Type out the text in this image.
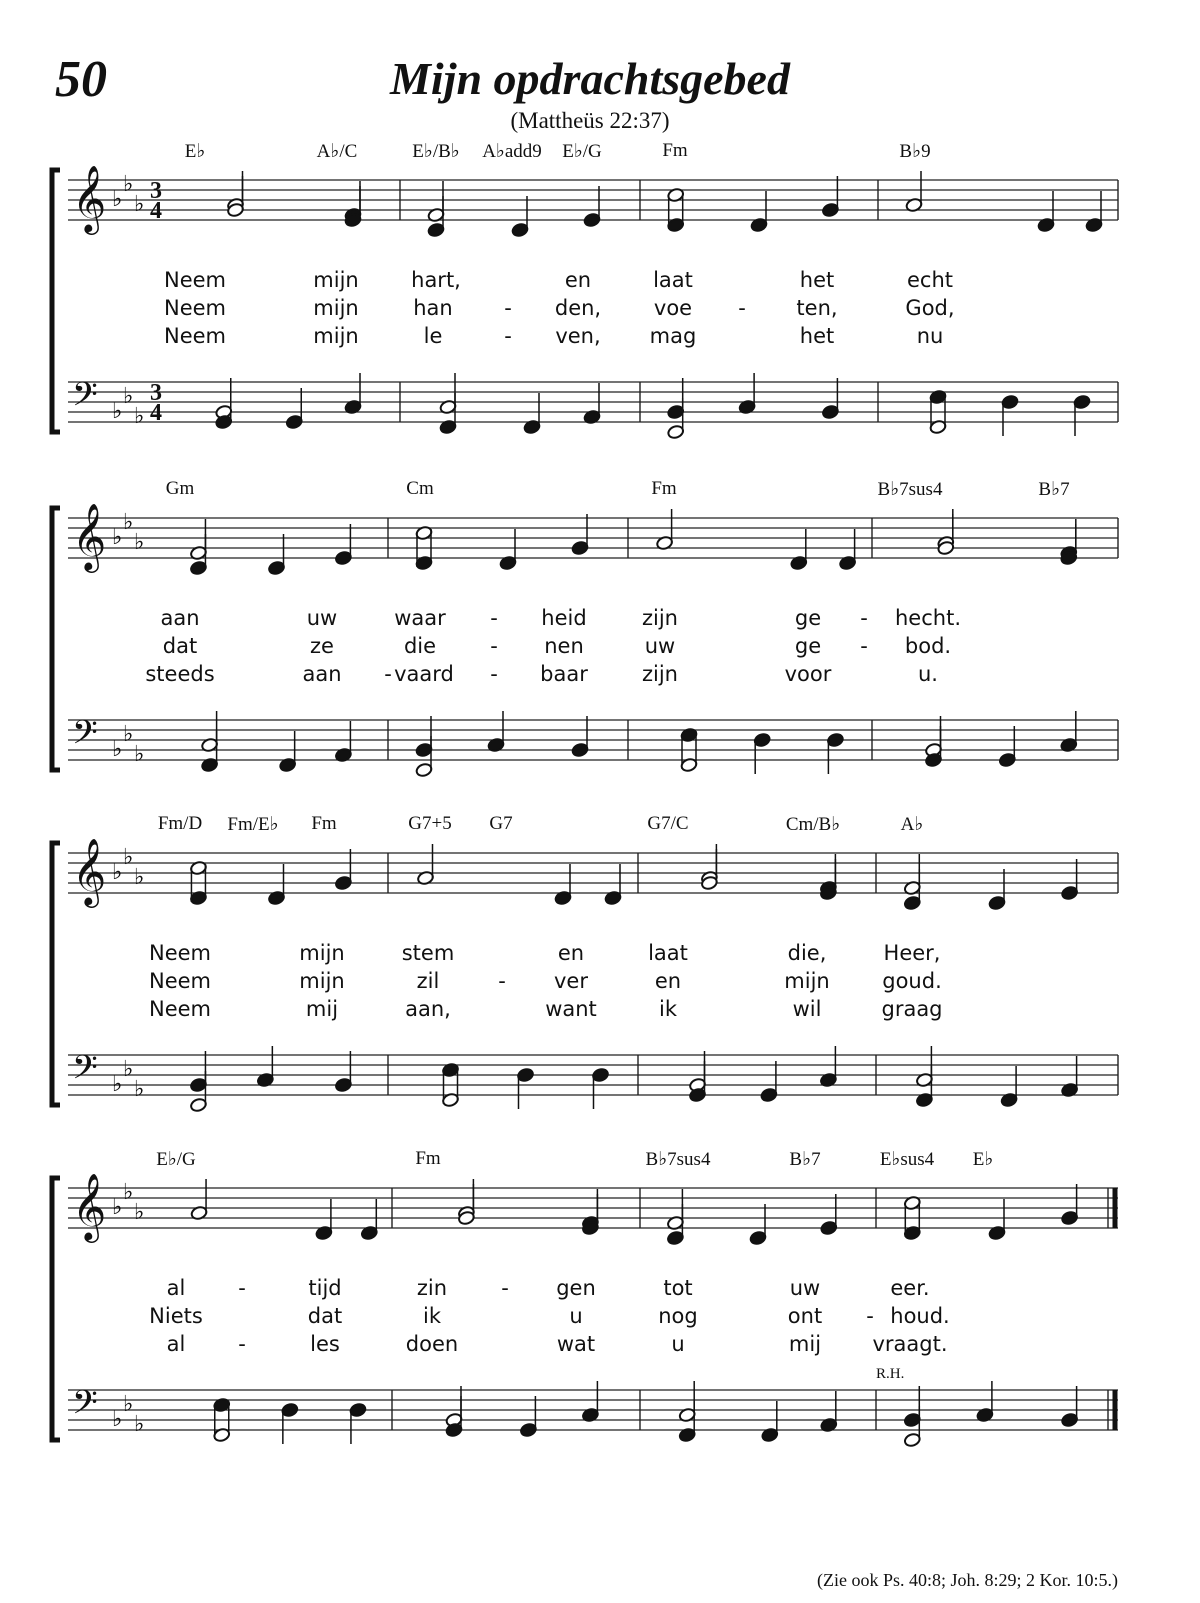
50	Mijn opdrachtsgebed
(Mattheüs 22:37)
𝄞 ♭
♭
♭
3
4
𝄢 ♭
♭
♭
3
4
E♭	A♭/C	E♭/B♭ A♭add9 E♭/G	Fm	B♭9
Neem	mijn hart,	en	laat	het	echt
Neem	mijn	han - den,	voe - ten,	God,
Neem	mijn	le	- ven, mag	het	nu
𝄞 ♭
♭
♭
𝄢 ♭
♭
♭
Gm	Cm	Fm	B♭7sus4	B♭7
aan	uw	waar - heid	zijn	ge - hecht.
dat	ze	die	- nen	uw	ge - bod.
steeds	aan - vaard - baar	zijn	voor	u.
𝄞 ♭
♭
♭
𝄢 ♭
♭
♭
Fm/D Fm/E♭ Fm	G7+5 G7	G7/C	Cm/B♭	A♭
Neem	mijn	stem	en	laat	die,	Heer,
Neem	mijn	zil	- ver	en	mijn	goud.
Neem	mij	aan,	want	ik	wil	graag
𝄞 ♭
♭
♭
𝄢 ♭
♭
♭
E♭/G	Fm	B♭7sus4	B♭7	E♭sus4 E♭
al	-	tijd	zin	- gen	tot	uw	eer.
Niets	dat	ik	u	nog	ont - houd.
al	-	les	doen	wat	u	mij vraagt.
R.H.
(Zie ook Ps. 40:8; Joh. 8:29; 2 Kor. 10:5.)
